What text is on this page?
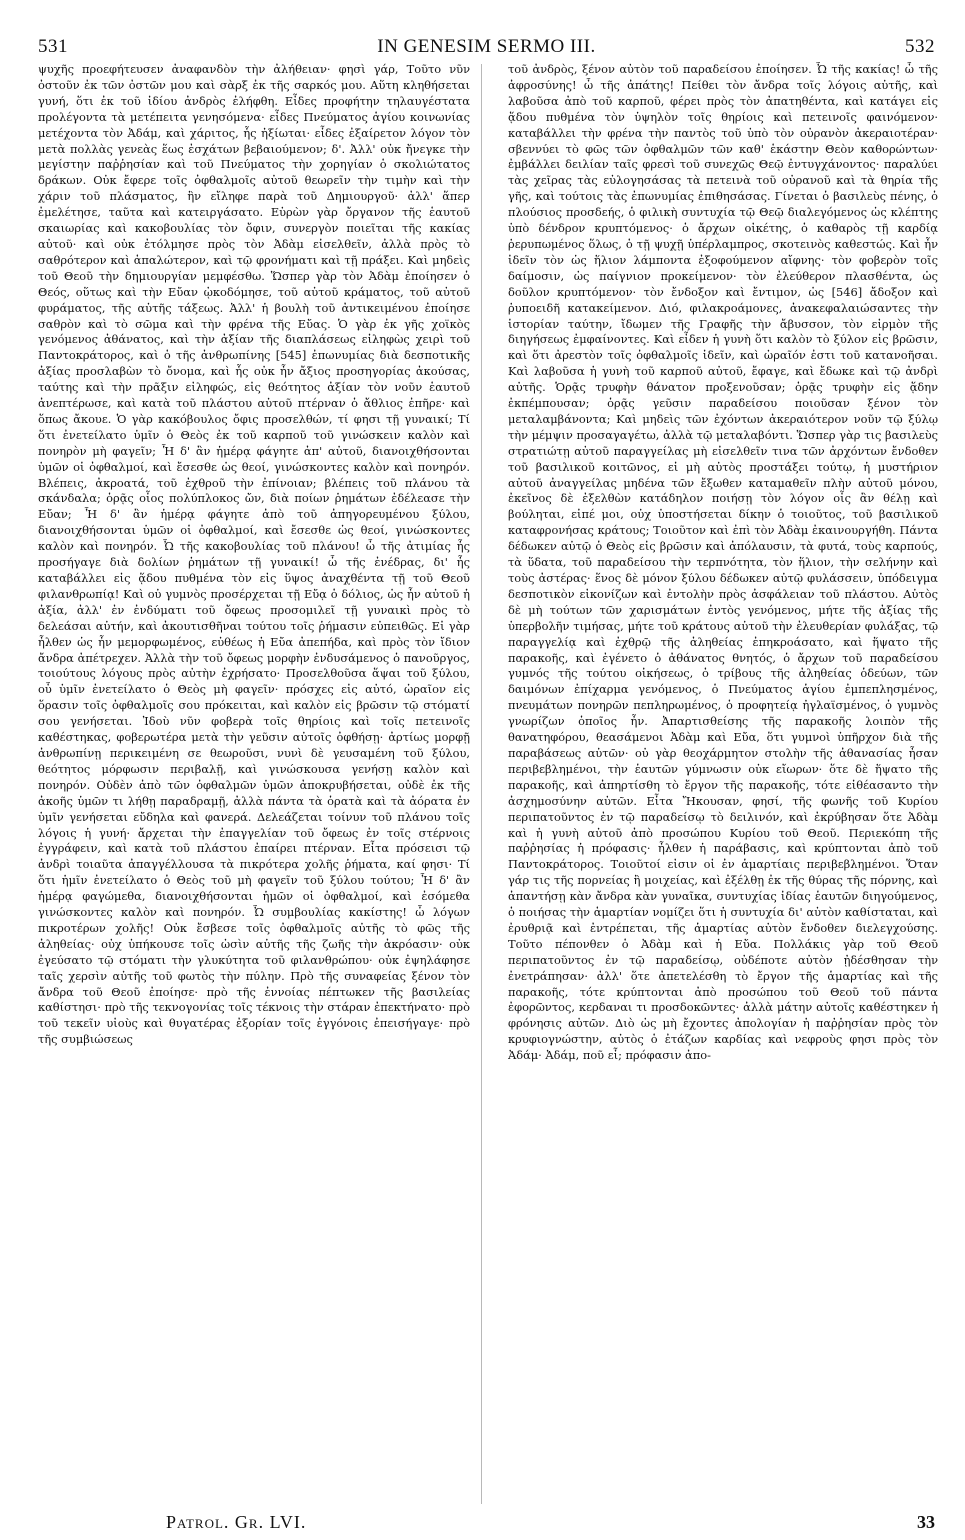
531	IN GENESIM SERMO III.	532

ψυχῆς προεφήτευσεν ἀναφανδὸν τὴν ἀλήθειαν· φησὶ γάρ, Τοῦτο νῦν ὀστοῦν ἐκ τῶν ὀστῶν μου καὶ σὰρξ ἐκ τῆς σαρκός μου. Αὕτη κληθήσεται γυνή, ὅτι ἐκ τοῦ ἰδίου ἀνδρὸς ἐλήφθη. Εἶδες προφήτην τηλαυγέστατα προλέγοντα τὰ μετέπειτα γενησόμενα· εἶδες Πνεύματος ἁγίου κοινωνίας μετέχοντα τὸν Ἀδάμ, καὶ χάριτος, ἧς ἠξίωται· εἶδες ἐξαίρετον λόγον τὸν μετὰ πολλὰς γενεὰς ἕως ἐσχάτων βεβαιούμενον; δ'. Ἀλλ' οὐκ ἤνεγκε τὴν μεγίστην παῤῥησίαν καὶ τοῦ Πνεύματος τὴν χορηγίαν ὁ σκολιώτατος δράκων. Οὐκ ἔφερε τοῖς ὀφθαλμοῖς αὐτοῦ θεωρεῖν τὴν τιμὴν καὶ τὴν χάριν τοῦ πλάσματος, ἣν εἴληφε παρὰ τοῦ Δημιουργοῦ· ἀλλ' ἅπερ ἐμελέτησε, ταῦτα καὶ κατειργάσατο. Εὑρὼν γὰρ ὄργανον τῆς ἑαυτοῦ σκαιωρίας καὶ κακοβουλίας τὸν ὄφιν, συνεργὸν ποιεῖται τῆς κακίας αὐτοῦ· καὶ οὐκ ἐτόλμησε πρὸς τὸν Ἀδὰμ εἰσελθεῖν, ἀλλὰ πρὸς τὸ σαθρότερον καὶ ἁπαλώτερον, καὶ τῷ φρονήματι καὶ τῇ πράξει. Καὶ μηδεὶς τοῦ Θεοῦ τὴν δημιουργίαν μεμφέσθω. Ὥσπερ γὰρ τὸν Ἀδὰμ ἐποίησεν ὁ Θεός, οὕτως καὶ τὴν Εὔαν ᾠκοδόμησε, τοῦ αὐτοῦ κράματος, τοῦ αὐτοῦ φυράματος, τῆς αὐτῆς τάξεως. Ἀλλ' ἡ βουλὴ τοῦ ἀντικειμένου ἐποίησε σαθρὸν καὶ τὸ σῶμα καὶ τὴν φρένα τῆς Εὔας. Ὁ γὰρ ἐκ γῆς χοϊκὸς γενόμενος ἀθάνατος, καὶ τὴν ἀξίαν τῆς διαπλάσεως εἰληφὼς χειρὶ τοῦ Παντοκράτορος, καὶ ὁ τῆς ἀνθρωπίνης [545] ἐπωνυμίας διὰ δεσποτικῆς ἀξίας προσλαβὼν τὸ ὄνομα, καὶ ἧς οὐκ ἦν ἄξιος προσηγορίας ἀκούσας, ταύτης καὶ τὴν πρᾶξιν εἰληφώς, εἰς θεότητος ἀξίαν τὸν νοῦν ἑαυτοῦ ἀνεπτέρωσε, καὶ κατὰ τοῦ πλάστου αὐτοῦ πτέρναν ὁ ἄθλιος ἐπῆρε· καὶ ὅπως ἄκουε. Ὁ γὰρ κακόβουλος ὄφις προσελθών, τί φησι τῇ γυναικί; Τί ὅτι ἐνετείλατο ὑμῖν ὁ Θεὸς ἐκ τοῦ καρποῦ τοῦ γινώσκειν καλὸν καὶ πονηρὸν μὴ φαγεῖν; Ἧ δ' ἂν ἡμέρᾳ φάγητε ἀπ' αὐτοῦ, διανοιχθήσονται ὑμῶν οἱ ὀφθαλμοί, καὶ ἔσεσθε ὡς θεοί, γινώσκοντες καλὸν καὶ πονηρόν. Βλέπεις, ἀκροατά, τοῦ ἐχθροῦ τὴν ἐπίνοιαν; βλέπεις τοῦ πλάνου τὰ σκάνδαλα; ὁρᾷς οἷος πολύπλοκος ὤν, διὰ ποίων ῥημάτων ἐδέλεασε τὴν Εὔαν; Ἧ δ' ἂν ἡμέρᾳ φάγητε ἀπὸ τοῦ ἀπηγορευμένου ξύλου, διανοιχθήσονται ὑμῶν οἱ ὀφθαλμοί, καὶ ἔσεσθε ὡς θεοί, γινώσκοντες καλὸν καὶ πονηρόν. Ὦ τῆς κακοβουλίας τοῦ πλάνου! ὦ τῆς ἀτιμίας ἧς προσήγαγε διὰ δολίων ῥημάτων τῇ γυναικί! ὦ τῆς ἐνέδρας, δι' ἧς καταβάλλει εἰς ᾅδου πυθμένα τὸν εἰς ὕψος ἀναχθέντα τῇ τοῦ Θεοῦ φιλανθρωπίᾳ! Καὶ οὐ γυμνὸς προσέρχεται τῇ Εὔᾳ ὁ δόλιος, ὡς ἦν αὐτοῦ ἡ ἀξία, ἀλλ' ἐν ἐνδύματι τοῦ ὄφεως προσομιλεῖ τῇ γυναικὶ πρὸς τὸ δελεάσαι αὐτήν, καὶ ἀκουτισθῆναι τούτου τοῖς ῥήμασιν εὐπειθῶς. Εἰ γὰρ ἦλθεν ὡς ἦν μεμορφωμένος, εὐθέως ἡ Εὔα ἀπεπήδα, καὶ πρὸς τὸν ἴδιον ἄνδρα ἀπέτρεχεν. Ἀλλὰ τὴν τοῦ ὄφεως μορφὴν ἐνδυσάμενος ὁ πανοῦργος, τοιούτους λόγους πρὸς αὐτὴν ἐχρήσατο· Προσελθοῦσα ἅψαι τοῦ ξύλου, οὗ ὑμῖν ἐνετείλατο ὁ Θεὸς μὴ φαγεῖν· πρόσχες εἰς αὐτό, ὡραῖον εἰς ὅρασιν τοῖς ὀφθαλμοῖς σου πρόκειται, καὶ καλὸν εἰς βρῶσιν τῷ στόματί σου γενήσεται. Ἰδοὺ νῦν φοβερὰ τοῖς θηρίοις καὶ τοῖς πετεινοῖς καθέστηκας, φοβερωτέρα μετὰ τὴν γεῦσιν αὐτοῖς ὀφθήσῃ· ἀρτίως μορφῇ ἀνθρωπίνῃ περικειμένη σε θεωροῦσι, νυνὶ δὲ γευσαμένη τοῦ ξύλου, θεότητος μόρφωσιν περιβαλῇ, καὶ γινώσκουσα γενήσῃ καλὸν καὶ πονηρόν. Οὐδὲν ἀπὸ τῶν ὀφθαλμῶν ὑμῶν ἀποκρυβήσεται, οὐδὲ ἐκ τῆς ἀκοῆς ὑμῶν τι λήθῃ παραδραμῇ, ἀλλὰ πάντα τὰ ὁρατὰ καὶ τὰ ἀόρατα ἐν ὑμῖν γενήσεται εὔδηλα καὶ φανερά. Δελεάζεται τοίνυν τοῦ πλάνου τοῖς λόγοις ἡ γυνή· ἄρχεται τὴν ἐπαγγελίαν τοῦ ὄφεως ἐν τοῖς στέρνοις ἐγγράφειν, καὶ κατὰ τοῦ πλάστου ἐπαίρει πτέρναν. Εἶτα πρόσεισι τῷ ἀνδρὶ τοιαῦτα ἀπαγγέλλουσα τὰ πικρότερα χολῆς ῥήματα, καί φησι· Τί ὅτι ἡμῖν ἐνετείλατο ὁ Θεὸς τοῦ μὴ φαγεῖν τοῦ ξύλου τούτου; Ἧ δ' ἂν ἡμέρᾳ φαγώμεθα, διανοιχθήσονται ἡμῶν οἱ ὀφθαλμοί, καὶ ἐσόμεθα γινώσκοντες καλὸν καὶ πονηρόν. Ὦ συμβουλίας κακίστης! ὦ λόγων πικροτέρων χολῆς! Οὐκ ἔσβεσε τοῖς ὀφθαλμοῖς αὐτῆς τὸ φῶς τῆς ἀληθείας· οὐχ ὑπήκουσε τοῖς ὠσὶν αὐτῆς τῆς ζωῆς τὴν ἀκρόασιν· οὐκ ἐγεύσατο τῷ στόματι τὴν γλυκύτητα τοῦ φιλανθρώπου· οὐκ ἐψηλάφησε ταῖς χερσὶν αὐτῆς τοῦ φωτὸς τὴν πύλην. Πρὸ τῆς συναφείας ξένον τὸν ἄνδρα τοῦ Θεοῦ ἐποίησε· πρὸ τῆς ἐννοίας πέπτωκεν τῆς βασιλείας καθίστησι· πρὸ τῆς τεκνογονίας τοῖς τέκνοις τὴν στάραν ἐπεκτήνατο· πρὸ τοῦ τεκεῖν υἱοὺς καὶ θυγατέρας ἐξορίαν τοῖς ἐγγόνοις ἐπεισήγαγε· πρὸ τῆς συμβιώσεως

τοῦ ἀνδρὸς, ξένον αὐτὸν τοῦ παραδείσου ἐποίησεν. Ὦ τῆς κακίας! ὦ τῆς ἀφροσύνης! ὦ τῆς ἀπάτης! Πείθει τὸν ἄνδρα τοῖς λόγοις αὐτῆς, καὶ λαβοῦσα ἀπὸ τοῦ καρποῦ, φέρει πρὸς τὸν ἀπατηθέντα, καὶ κατάγει εἰς ᾅδου πυθμένα τὸν ὑψηλὸν τοῖς θηρίοις καὶ πετεινοῖς φαινόμενον· καταβάλλει τὴν φρένα τὴν παντὸς τοῦ ὑπὸ τὸν οὐρανὸν ἀκεραιοτέραν· σβεννύει τὸ φῶς τῶν ὀφθαλμῶν τῶν καθ' ἑκάστην Θεὸν καθορώντων· ἐμβάλλει δειλίαν ταῖς φρεσὶ τοῦ συνεχῶς Θεῷ ἐντυγχάνοντος· παραλύει τὰς χεῖρας τὰς εὐλογησάσας τὰ πετεινὰ τοῦ οὐρανοῦ καὶ τὰ θηρία τῆς γῆς, καὶ τούτοις τὰς ἐπωνυμίας ἐπιθησάσας. Γίνεται ὁ βασιλεὺς πένης, ὁ πλούσιος προσδεής, ὁ φιλικὴ συντυχία τῷ Θεῷ διαλεγόμενος ὡς κλέπτης ὑπὸ δένδρον κρυπτόμενος· ὁ ἄρχων οἰκέτης, ὁ καθαρὸς τῇ καρδίᾳ ῥερυπωμένος ὅλως, ὁ τῇ ψυχῇ ὑπέρλαμπρος, σκοτεινὸς καθεστώς. Καὶ ἦν ἰδεῖν τὸν ὡς ἥλιον λάμποντα ἐξοφούμενον αἴφνης· τὸν φοβερὸν τοῖς δαίμοσιν, ὡς παίγνιον προκείμενον· τὸν ἐλεύθερον πλασθέντα, ὡς δοῦλον κρυπτόμενον· τὸν ἔνδοξον καὶ ἔντιμον, ὡς [546] ἄδοξον καὶ ῥυποειδῆ κατακείμενον. Διό, φιλακροάμονες, ἀνακεφαλαιώσαντες τὴν ἱστορίαν ταύτην, ἴδωμεν τῆς Γραφῆς τὴν ἄβυσσον, τὸν εἱρμὸν τῆς διηγήσεως ἐμφαίνοντες. Καὶ εἶδεν ἡ γυνὴ ὅτι καλὸν τὸ ξύλον εἰς βρῶσιν, καὶ ὅτι ἀρεστὸν τοῖς ὀφθαλμοῖς ἰδεῖν, καὶ ὡραῖόν ἐστι τοῦ κατανοῆσαι. Καὶ λαβοῦσα ἡ γυνὴ τοῦ καρποῦ αὐτοῦ, ἔφαγε, καὶ ἔδωκε καὶ τῷ ἀνδρὶ αὐτῆς. Ὁρᾷς τρυφὴν θάνατον προξενοῦσαν; ὁρᾷς τρυφὴν εἰς ᾅδην ἐκπέμπουσαν; ὁρᾷς γεῦσιν παραδείσου ποιοῦσαν ξένον τὸν μεταλαμβάνοντα; Καὶ μηδεὶς τῶν ἐχόντων ἀκεραιότερον νοῦν τῷ ξύλῳ τὴν μέμψιν προσαγαγέτω, ἀλλὰ τῷ μεταλαβόντι. Ὥσπερ γὰρ τις βασιλεὺς στρατιώτῃ αὐτοῦ παραγγείλας μὴ εἰσελθεῖν τινα τῶν ἀρχόντων ἔνδοθεν τοῦ βασιλικοῦ κοιτῶνος, εἰ μὴ αὐτὸς προστάξει τούτῳ, ἡ μυστήριον αὐτοῦ ἀναγγείλας μηδένα τῶν ἔξωθεν καταμαθεῖν πλὴν αὐτοῦ μόνου, ἐκεῖνος δὲ ἐξελθὼν κατάδηλον ποιήσῃ τὸν λόγον οἷς ἂν θέλῃ καὶ βούληται, εἰπέ μοι, οὐχ ὑποστήσεται δίκην ὁ τοιοῦτος, τοῦ βασιλικοῦ καταφρονήσας κράτους; Τοιοῦτον καὶ ἐπὶ τὸν Ἀδὰμ ἐκαινουργήθη. Πάντα δέδωκεν αὐτῷ ὁ Θεὸς εἰς βρῶσιν καὶ ἀπόλαυσιν, τὰ φυτά, τοὺς καρπούς, τὰ ὕδατα, τοῦ παραδείσου τὴν τερπνότητα, τὸν ἥλιον, τὴν σελήνην καὶ τοὺς ἀστέρας· ἕνος δὲ μόνον ξύλου δέδωκεν αὐτῷ φυλάσσειν, ὑπόδειγμα δεσποτικὸν εἰκονίζων καὶ ἐντολὴν πρὸς ἀσφάλειαν τοῦ πλάστου. Αὐτὸς δὲ μὴ τούτων τῶν χαρισμάτων ἐντὸς γενόμενος, μήτε τῆς ἀξίας τῆς ὑπερβολῆν τιμήσας, μήτε τοῦ κράτους αὐτοῦ τὴν ἐλευθερίαν φυλάξας, τῷ παραγγελίᾳ καὶ ἐχθρῷ τῆς ἀληθείας ἐπηκροάσατο, καὶ ἥψατο τῆς παρακοῆς, καὶ ἐγένετο ὁ ἀθάνατος θνητός, ὁ ἄρχων τοῦ παραδείσου γυμνός τῆς τούτου οἰκήσεως, ὁ τρίβους τῆς ἀληθείας ὁδεύων, τῶν δαιμόνων ἐπίχαρμα γενόμενος, ὁ Πνεύματος ἁγίου ἐμπεπλησμένος, πνευμάτων πονηρῶν πεπληρωμένος, ὁ προφητείᾳ ἠγλαϊσμένος, ὁ γυμνὸς γνωρίζων ὁποῖος ἦν. Ἀπαρτισθείσης τῆς παρακοῆς λοιπὸν τῆς θανατηφόρου, θεασάμενοι Ἀδὰμ καὶ Εὔα, ὅτι γυμνοὶ ὑπῆρχον διὰ τῆς παραβάσεως αὐτῶν· οὐ γὰρ θεοχάρμητον στολὴν τῆς ἀθανασίας ἦσαν περιβεβλημένοι, τὴν ἑαυτῶν γύμνωσιν οὐκ εἴωρων· ὅτε δὲ ἥψατο τῆς παρακοῆς, καὶ ἀπηρτίσθη τὸ ἔργον τῆς παρακοῆς, τότε εἰθέασαντο τὴν ἀσχημοσύνην αὐτῶν. Εἶτα Ἤκουσαν, φησί, τῆς φωνῆς τοῦ Κυρίου περιπατοῦντος ἐν τῷ παραδείσῳ τὸ δειλινόν, καὶ ἐκρύβησαν ὅτε Ἀδὰμ καὶ ἡ γυνὴ αὐτοῦ ἀπὸ προσώπου Κυρίου τοῦ Θεοῦ. Περιεκόπη τῆς παῤῥησίας ἡ πρόφασις· ἦλθεν ἡ παράβασις, καὶ κρύπτονται ἀπὸ τοῦ Παντοκράτορος. Τοιοῦτοί εἰσιν οἱ ἐν ἁμαρτίαις περιβεβλημένοι. Ὅταν γάρ τις τῆς πορνείας ἢ μοιχείας, καὶ ἐξέλθῃ ἐκ τῆς θύρας τῆς πόρνης, καὶ ἀπαντήσῃ κὰν ἄνδρα κὰν γυναῖκα, συντυχίας ἰδίας ἑαυτῶν διηγούμενος, ὁ ποιήσας τὴν ἁμαρτίαν νομίζει ὅτι ἡ συντυχία δι' αὐτὸν καθίσταται, καὶ ἐρυθριᾷ καὶ ἐντρέπεται, τῆς ἁμαρτίας αὐτὸν ἔνδοθεν διελεγχούσης. Τοῦτο πέπονθεν ὁ Ἀδὰμ καὶ ἡ Εὔα. Πολλάκις γὰρ τοῦ Θεοῦ περιπατοῦντος ἐν τῷ παραδείσῳ, οὐδέποτε αὐτὸν ᾐδέσθησαν τὴν ἐνετράπησαν· ἀλλ' ὅτε ἀπετελέσθη τὸ ἔργον τῆς ἁμαρτίας καὶ τῆς παρακοῆς, τότε κρύπτονται ἀπὸ προσώπου τοῦ Θεοῦ τοῦ πάντα ἐφορῶντος, κερδαναι τι προσδοκῶντες· ἀλλὰ μάτην αὐτοῖς καθέστηκεν ἡ φρόνησις αὐτῶν. Διὸ ὡς μὴ ἔχοντες ἀπολογίαν ἡ παῤῥησίαν πρὸς τὸν κρυφιογνώστην, αὐτὸς ὁ ἐτάζων καρδίας καὶ νεφροὺς φησι πρὸς τὸν Ἀδάμ· Ἀδάμ, ποῦ εἶ; πρόφασιν ἀπο-

Patrol. Gr. LVI.	33
